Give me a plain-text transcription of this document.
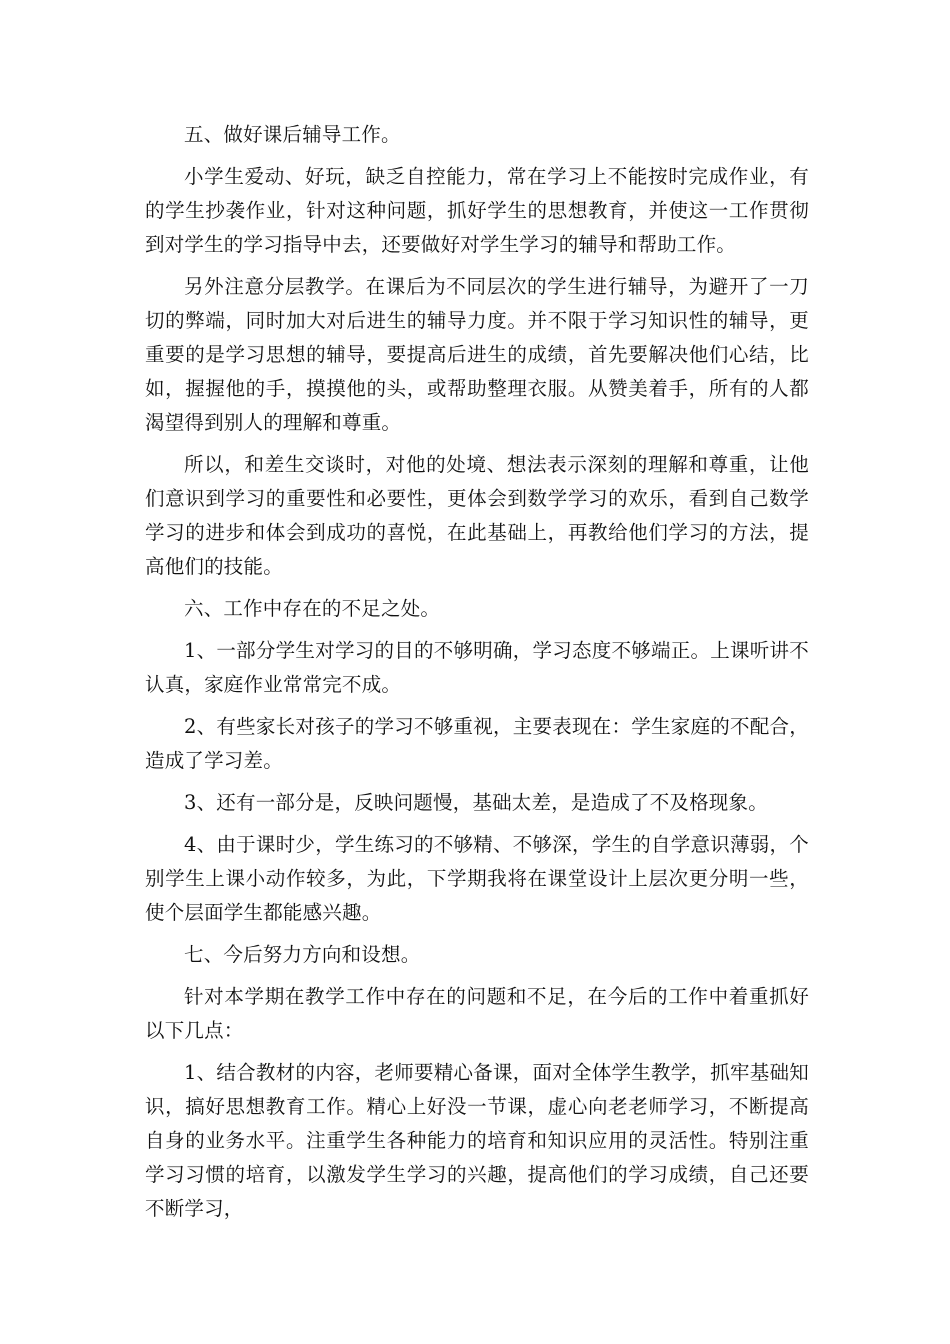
五、做好课后辅导工作。

小学生爱动、好玩，缺乏自控能力，常在学习上不能按时完成作业，有的学生抄袭作业，针对这种问题，抓好学生的思想教育，并使这一工作贯彻到对学生的学习指导中去，还要做好对学生学习的辅导和帮助工作。

另外注意分层教学。在课后为不同层次的学生进行辅导，为避开了一刀切的弊端，同时加大对后进生的辅导力度。并不限于学习知识性的辅导，更重要的是学习思想的辅导，要提高后进生的成绩，首先要解决他们心结，比如，握握他的手，摸摸他的头，或帮助整理衣服。从赞美着手，所有的人都渴望得到别人的理解和尊重。

所以，和差生交谈时，对他的处境、想法表示深刻的理解和尊重，让他们意识到学习的重要性和必要性，更体会到数学学习的欢乐，看到自己数学学习的进步和体会到成功的喜悦，在此基础上，再教给他们学习的方法，提高他们的技能。

六、工作中存在的不足之处。

1、一部分学生对学习的目的不够明确，学习态度不够端正。上课听讲不认真，家庭作业常常完不成。

2、有些家长对孩子的学习不够重视，主要表现在：学生家庭的不配合，造成了学习差。

3、还有一部分是，反映问题慢，基础太差，是造成了不及格现象。

4、由于课时少，学生练习的不够精、不够深，学生的自学意识薄弱，个别学生上课小动作较多，为此，下学期我将在课堂设计上层次更分明一些，使个层面学生都能感兴趣。

七、今后努力方向和设想。

针对本学期在教学工作中存在的问题和不足，在今后的工作中着重抓好以下几点：

1、结合教材的内容，老师要精心备课，面对全体学生教学，抓牢基础知识，搞好思想教育工作。精心上好没一节课，虚心向老老师学习，不断提高自身的业务水平。注重学生各种能力的培育和知识应用的灵活性。特别注重学习习惯的培育，以激发学生学习的兴趣，提高他们的学习成绩，自己还要不断学习，
